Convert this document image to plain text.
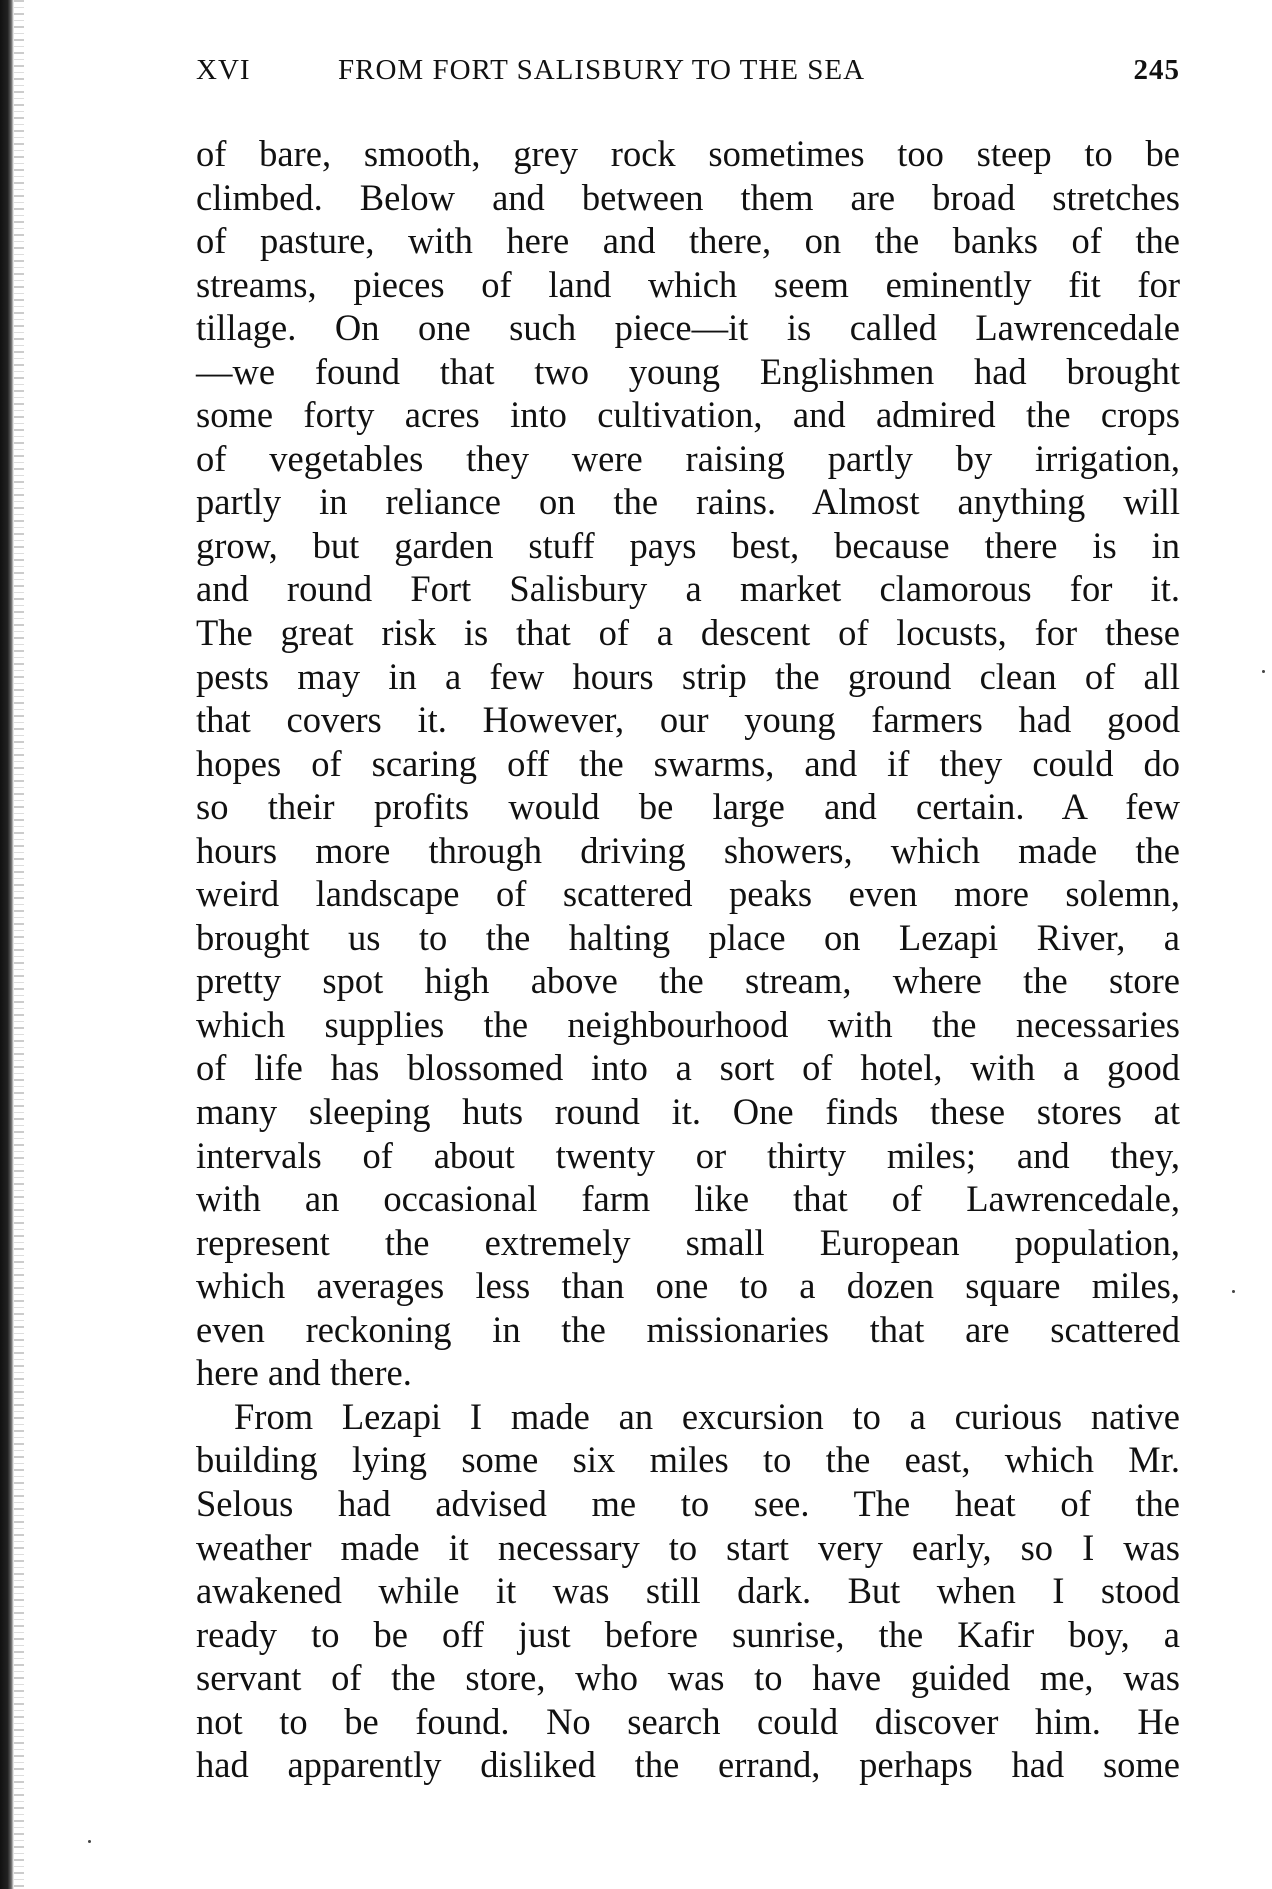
XVI	FROM FORT SALISBURY TO THE SEA	245
of bare, smooth, grey rock sometimes too steep to be
climbed. Below and between them are broad stretches
of pasture, with here and there, on the banks of the
streams, pieces of land which seem eminently fit for
tillage. On one such piece—it is called Lawrencedale
—we found that two young Englishmen had brought
some forty acres into cultivation, and admired the crops
of vegetables they were raising partly by irrigation,
partly in reliance on the rains. Almost anything will
grow, but garden stuff pays best, because there is in
and round Fort Salisbury a market clamorous for it.
The great risk is that of a descent of locusts, for these
pests may in a few hours strip the ground clean of all
that covers it. However, our young farmers had good
hopes of scaring off the swarms, and if they could do
so their profits would be large and certain. A few
hours more through driving showers, which made the
weird landscape of scattered peaks even more solemn,
brought us to the halting place on Lezapi River, a
pretty spot high above the stream, where the store
which supplies the neighbourhood with the necessaries
of life has blossomed into a sort of hotel, with a good
many sleeping huts round it. One finds these stores at
intervals of about twenty or thirty miles; and they,
with an occasional farm like that of Lawrencedale,
represent the extremely small European population,
which averages less than one to a dozen square miles,
even reckoning in the missionaries that are scattered
here and there.
From Lezapi I made an excursion to a curious native
building lying some six miles to the east, which Mr.
Selous had advised me to see. The heat of the
weather made it necessary to start very early, so I was
awakened while it was still dark. But when I stood
ready to be off just before sunrise, the Kafir boy, a
servant of the store, who was to have guided me, was
not to be found. No search could discover him. He
had apparently disliked the errand, perhaps had some
